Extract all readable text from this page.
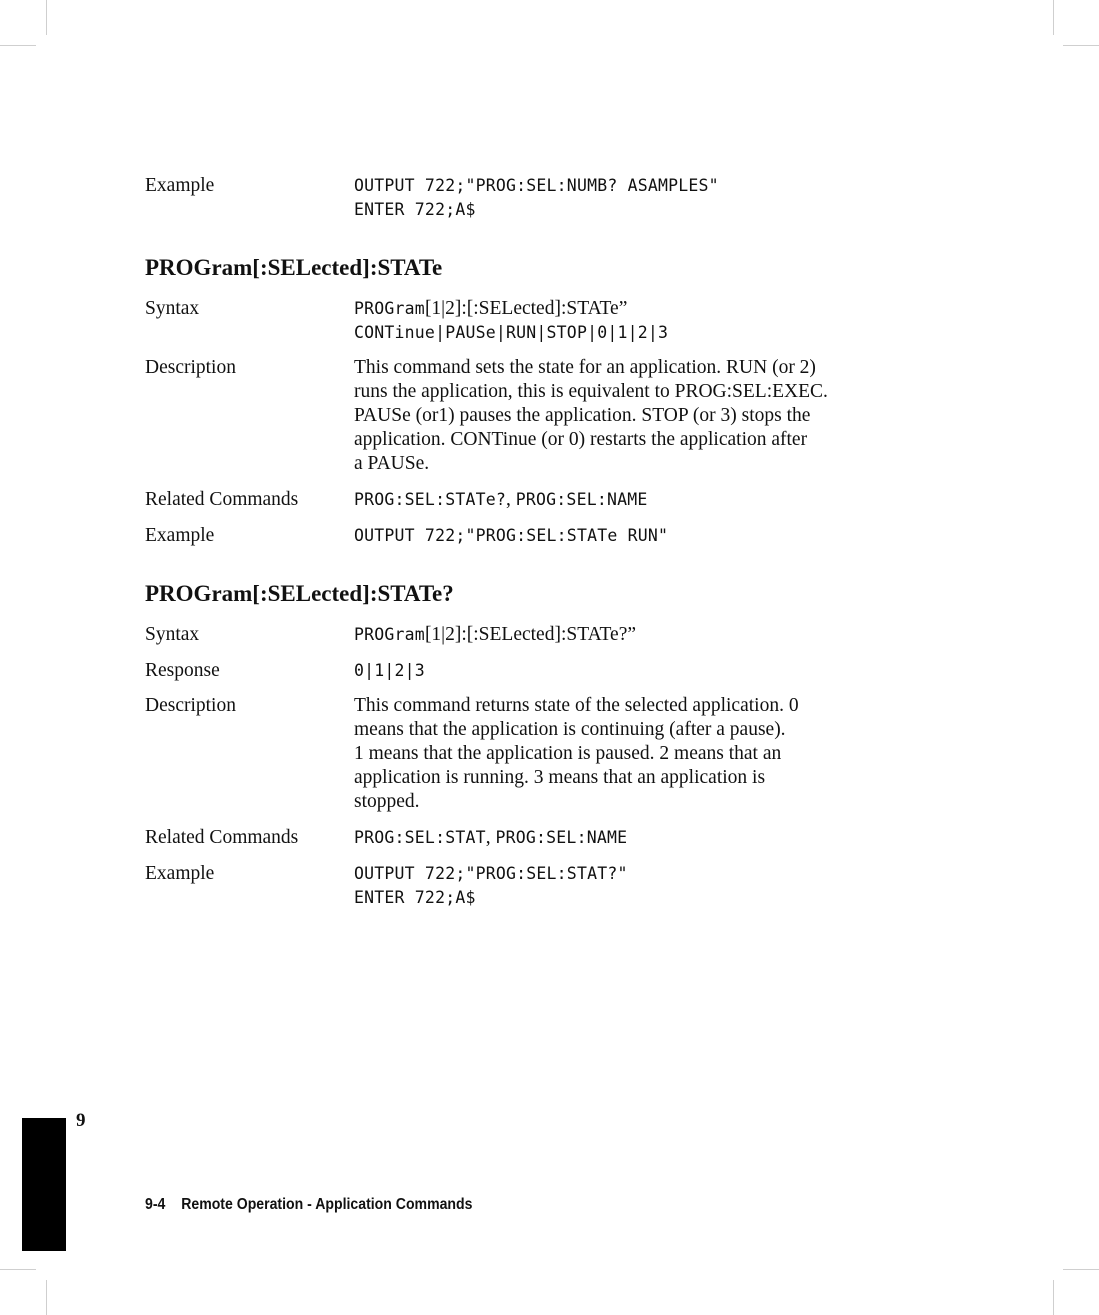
Example	OUTPUT 722;"PROG:SEL:NUMB? ASAMPLES"
ENTER 722;A$
PROGram[:SELected]:STATe
Syntax	PROGram[1|2]:[:SELected]:STATe”
CONTinue|PAUSe|RUN|STOP|0|1|2|3
Description	This command sets the state for an application. RUN (or 2)
runs the application, this is equivalent to PROG:SEL:EXEC.
PAUSe (or1) pauses the application. STOP (or 3) stops the
application. CONTinue (or 0) restarts the application after
a PAUSe.
Related Commands	PROG:SEL:STATe?, PROG:SEL:NAME
Example	OUTPUT 722;"PROG:SEL:STATe RUN"
PROGram[:SELected]:STATe?
Syntax	PROGram[1|2]:[:SELected]:STATe?”
Response	0|1|2|3
Description	This command returns state of the selected application. 0
means that the application is continuing (after a pause).
1 means that the application is paused. 2 means that an
application is running. 3 means that an application is
stopped.
Related Commands	PROG:SEL:STAT, PROG:SEL:NAME
Example	OUTPUT 722;"PROG:SEL:STAT?"
ENTER 722;A$
9
9-4 Remote Operation - Application Commands
